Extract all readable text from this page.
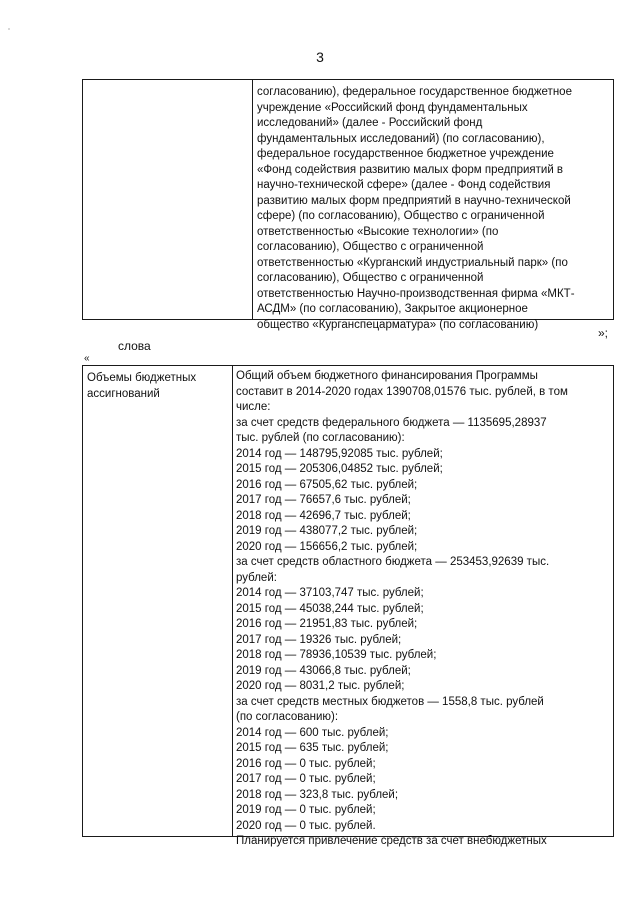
3
согласованию), федеральное государственное бюджетное
учреждение «Российский фонд фундаментальных
исследований» (далее - Российский фонд
фундаментальных исследований) (по согласованию),
федеральное государственное бюджетное учреждение
«Фонд содействия развитию малых форм предприятий в
научно-технической сфере» (далее - Фонд содействия
развитию малых форм предприятий в научно-технической
сфере) (по согласованию), Общество с ограниченной
ответственностью «Высокие технологии» (по
согласованию), Общество с ограниченной
ответственностью «Курганский индустриальный парк» (по
согласованию), Общество с ограниченной
ответственностью Научно-производственная фирма «МКТ-
АСДМ» (по согласованию), Закрытое акционерное
общество «Курганспецарматура» (по согласованию)
»;
слова
«
Объемы бюджетных ассигнований
Общий объем бюджетного финансирования Программы
составит в 2014-2020 годах 1390708,01576 тыс. рублей, в том
числе:
за счет средств федерального бюджета — 1135695,28937
тыс. рублей (по согласованию):
2014 год — 148795,92085 тыс. рублей;
2015 год — 205306,04852 тыс. рублей;
2016 год — 67505,62 тыс. рублей;
2017 год — 76657,6 тыс. рублей;
2018 год — 42696,7 тыс. рублей;
2019 год — 438077,2 тыс. рублей;
2020 год — 156656,2 тыс. рублей;
за счет средств областного бюджета — 253453,92639 тыс.
рублей:
2014 год — 37103,747 тыс. рублей;
2015 год — 45038,244 тыс. рублей;
2016 год — 21951,83 тыс. рублей;
2017 год — 19326 тыс. рублей;
2018 год — 78936,10539 тыс. рублей;
2019 год — 43066,8 тыс. рублей;
2020 год — 8031,2 тыс. рублей;
за счет средств местных бюджетов — 1558,8 тыс. рублей
(по согласованию):
2014 год — 600 тыс. рублей;
2015 год — 635 тыс. рублей;
2016 год — 0 тыс. рублей;
2017 год — 0 тыс. рублей;
2018 год — 323,8 тыс. рублей;
2019 год — 0 тыс. рублей;
2020 год — 0 тыс. рублей.
Планируется привлечение средств за счет внебюджетных
